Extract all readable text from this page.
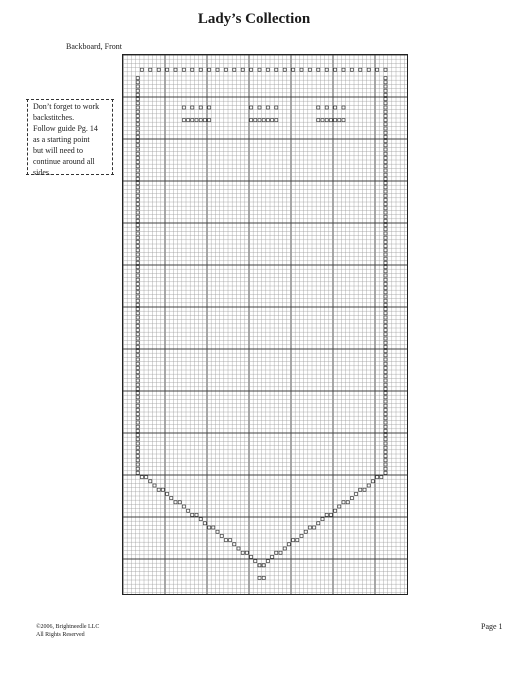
Lady’s Collection
Backboard, Front
Don’t forget to work
backstitches.
Follow guide Pg. 14
as a starting point
but will need to
continue around all
sides.
©2006, Brightneedle LLC
All Rights Reserved
Page 1
